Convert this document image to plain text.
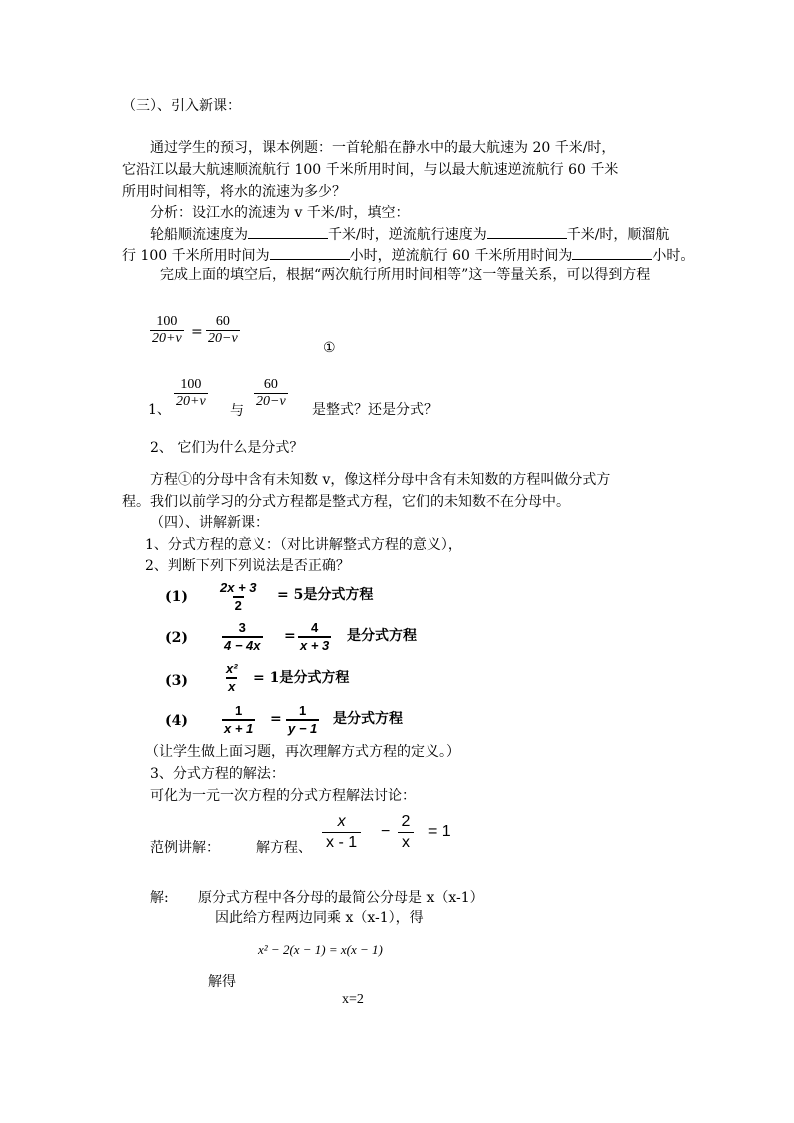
（三）、引入新课：
通过学生的预习，课本例题：一首轮船在静水中的最大航速为 20 千米/时，
它沿江以最大航速顺流航行 100 千米所用时间，与以最大航速逆流航行 60 千米
所用时间相等，将水的流速为多少？
分析：设江水的流速为 v 千米/时，填空：
轮船顺流速度为	千米/时，逆流航行速度为	千米/时，顺溜航
行 100 千米所用时间为	小时，逆流航行 60 千米所用时间为	小时。
完成上面的填空后，根据“两次航行所用时间相等”这一等量关系，可以得到方程
$\frac{100}{20+v} = \frac{60}{20-v}$
①
1、 $\frac{100}{20+v}$
与
$\frac{60}{20-v}$ 是整式？还是分式？
2、 它们为什么是分式？
方程①的分母中含有未知数 v，像这样分母中含有未知数的方程叫做分式方
程。我们以前学习的分式方程都是整式方程，它们的未知数不在分母中。
（四）、讲解新课：
1、分式方程的意义：（对比讲解整式方程的意义），
2、判断下列下列说法是否正确？
$(1) \frac{2x + 3}{2} = 5$是分式方程
(2)	$\frac{3}{4 - 4x} = \frac{4}{x + 3}$ 是分式方程
(3)	$\frac{\text{x²}}{x} = 1$是分式方程
(4)	$\frac{1}{x + 1} = \frac{1}{y - 1}$ 是分式方程
（让学生做上面习题，再次理解方式方程的定义。）
3、分式方程的解法：
可化为一元一次方程的分式方程解法讨论：
范例讲解：	解方程、 $\frac{x}{x - 1} - \frac{2}{x} = 1$
解: 原分式方程中各分母的最简公分母是 x（x-1）
因此给方程两边同乘 x（x-1），得
x² − 2(x − 1) = x(x − 1)
解得
x=2
